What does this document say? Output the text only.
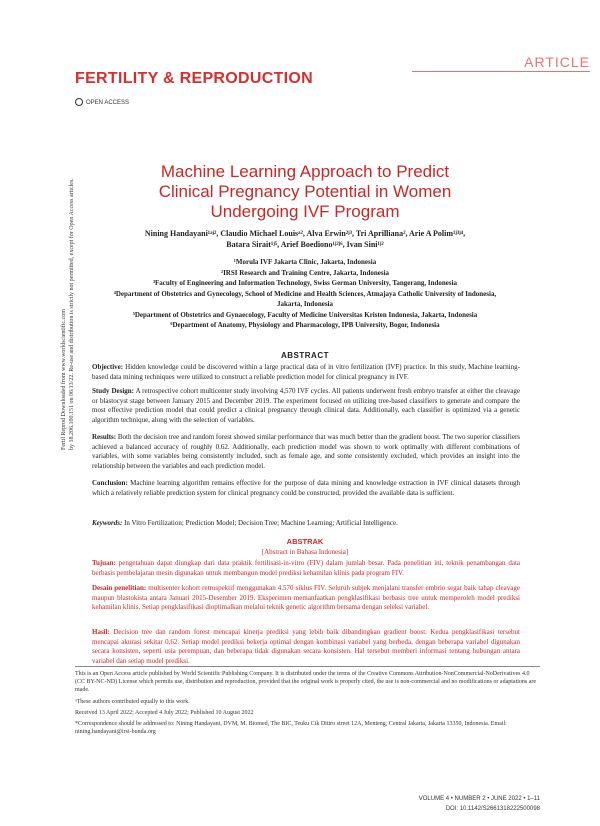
ARTICLE
FERTILITY & REPRODUCTION
OPEN ACCESS
Fertil Reprod Downloaded from www.worldscientific.com by 18.206.100.151 on 06/13/22. Re-use and distribution is strictly not permitted, except for Open Access articles.
Machine Learning Approach to Predict
Clinical Pregnancy Potential in Women
Undergoing IVF Program
Nining Handayani¹ᵃʲ², Claudio Michael Louisᵃ², Alva Erwin²ʲ³, Tri Aprilliana², Arie A Polim¹ʲ³ʲ⁴,
Batara Sirait¹ʲ⁵, Arief Boediono¹ʲ²ʲ⁶, Ivan Sini¹ʲ²
¹Morula IVF Jakarta Clinic, Jakarta, Indonesia
²IRSI Research and Training Centre, Jakarta, Indonesia
³Faculty of Engineering and Information Technology, Swiss German University, Tangerang, Indonesia
⁴Department of Obstetrics and Gynecology, School of Medicine and Health Sciences, Atmajaya Catholic University of Indonesia,
Jakarta, Indonesia
⁵Department of Obstetrics and Gynaecology, Faculty of Medicine Universitas Kristen Indonesia, Jakarta, Indonesia
⁶Department of Anatomy, Physiology and Pharmacology, IPB University, Bogor, Indonesia
ABSTRACT
Objective: Hidden knowledge could be discovered within a large practical data of in vitro fertilization (IVF) practice. In this study, Machine learning-based data mining techniques were utilized to construct a reliable prediction model for clinical pregnancy in IVF.
Study Design: A retrospective cohort multicenter study involving 4,570 IVF cycles. All patients underwent fresh embryo transfer at either the cleavage or blastocyst stage between January 2015 and December 2019. The experiment focused on utilizing tree-based classifiers to generate and compare the most effective prediction model that could predict a clinical pregnancy through clinical data. Additionally, each classifier is optimized via a genetic algorithm technique, along with the selection of variables.
Results: Both the decision tree and random forest showed similar performance that was much better than the gradient boost. The two superior classifiers achieved a balanced accuracy of roughly 0.62. Additionally, each prediction model was shown to work optimally with different combinations of variables, with some variables being consistently included, such as female age, and some consistently excluded, which provides an insight into the relationship between the variables and each prediction model.
Conclusion: Machine learning algorithm remains effective for the purpose of data mining and knowledge extraction in IVF clinical datasets through which a relatively reliable prediction system for clinical pregnancy could be constructed, provided the available data is sufficient.
Keywords: In Vitro Fertilization; Prediction Model; Decision Tree; Machine Learning; Artificial Intelligence.
ABSTRAK
[Abstract in Bahasa Indonesia]
Tujuan: pengetahuan dapat diungkap dari data praktik fertilisasi-in-vitro (FIV) dalam jumlah besar. Pada penelitian ini, teknik penambangan data berbasis pembelajaran mesin digunakan untuk membangun model prediksi kehamilan klinis pada program FIV.
Desain penelitian: multisenter kohort retrospektif menggunakan 4.570 siklus FIV. Seluruh subjek menjalani transfer embrio segar baik tahap cleavage maupun blastokista antara Januari 2015-Desember 2019. Eksperimen memanfaatkan pengklasifikasi berbasis tree untuk memperoleh model prediksi kehamilan klinis. Setiap pengklasifikasi dioptimalkan melalui teknik genetic algorithm bersama dengan seleksi variabel.
Hasil: Decision tree dan random forest mencapai kinerja prediksi yang lebih baik dibandingkan gradient boost. Kedua pengklasifikasi tersebut mencapai akurasi sekitar 0,62. Setiap model prediksi bekerja optimal dengan kombinasi variabel yang berbeda, dengan beberapa variabel digunakan secara konsisten, seperti usia perempuan, dan beberapa tidak digunakan secara konsisten. Hal tersebut memberi informasi tentang hubungan antara variabel dan setiap model prediksi.
This is an Open Access article published by World Scientific Publishing Company. It is distributed under the terms of the Creative Commons Attribution-NonCommercial-NoDerivatives 4.0 (CC BY-NC-ND) License which permits use, distribution and reproduction, provided that the original work is properly cited, the use is non-commercial and no modifications or adaptations are made.
ᵃThese authors contributed equally to this work.
Received 13 April 2022; Accepted 4 July 2022; Published 10 August 2022
*Correspondence should be addressed to: Nining Handayani, DVM, M. Biomed, The BIC, Teuku Cik Ditiro street 12A, Menteng, Central Jakarta, Jakarta 13350, Indonesia. Email: nining.handayani@irsi-bunda.org
VOLUME 4 • NUMBER 2 • JUNE 2022 • 1–11
DOI: 10.1142/S2661318222500098
